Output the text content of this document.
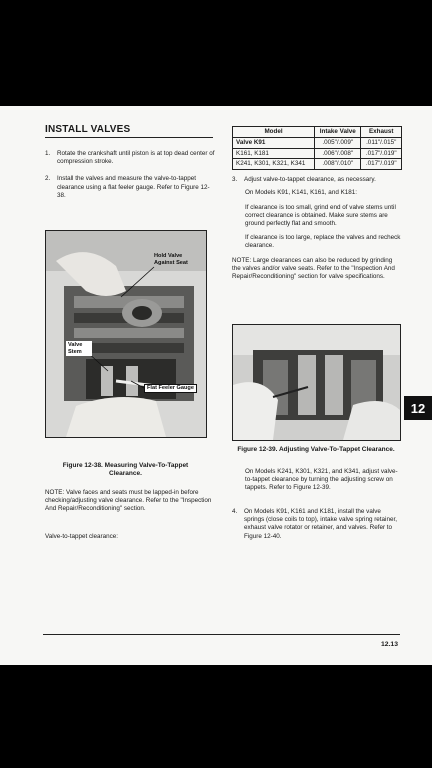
INSTALL VALVES
1.	Rotate the crankshaft until piston is at top dead center of compression stroke.
2.	Install the valves and measure the valve-to-tappet clearance using a flat feeler gauge. Refer to Figure 12-38.
Hold Valve Against Seat
Valve Stem
Flat Feeler Gauge
Figure 12-38. Measuring Valve-To-Tappet Clearance.
NOTE: Valve faces and seats must be lapped-in before checking/adjusting valve clearance. Refer to the "Inspection And Repair/Reconditioning" section.
Valve-to-tappet clearance:
Model	Intake Valve	Exhaust
Valve K91	.005"/.009"	.011"/.015"
K161, K181	.006"/.008"	.017"/.019"
K241, K301, K321, K341	.008"/.010"	.017"/.019"
3.	Adjust valve-to-tappet clearance, as necessary.
On Models K91, K141, K161, and K181:
If clearance is too small, grind end of valve stems until correct clearance is obtained. Make sure stems are ground perfectly flat and smooth.
If clearance is too large, replace the valves and recheck clearance.
NOTE: Large clearances can also be reduced by grinding the valves and/or valve seats. Refer to the "Inspection And Repair/Reconditioning" section for valve specifications.
Figure 12-39. Adjusting Valve-To-Tappet Clearance.
On Models K241, K301, K321, and K341, adjust valve-to-tappet clearance by turning the adjusting screw on tappets. Refer to Figure 12-39.
4.	On Models K91, K161 and K181, install the valve springs (close coils to top), intake valve spring retainer, exhaust valve rotator or retainer, and valves. Refer to Figure 12-40.
12.13
12
